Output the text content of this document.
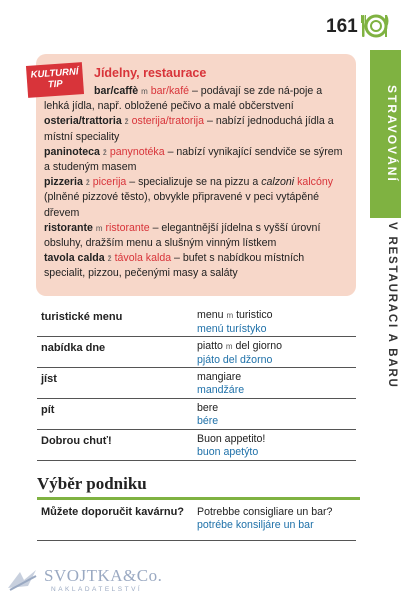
161
STRAVOVÁNÍ
V RESTAURACI A BARU
KULTURNÍ
TIP
Jídelny, restaurace

bar/caffè m bar/kafé – podávají se zde ná-poje a lehká jídla, např. obložené pečivo a malé občerstvení

osteria/trattoria ž osterija/tratorija – nabízí jednoduchá jídla a místní speciality

paninoteca ž panynotéka – nabízí vynikající sendviče se sýrem a studeným masem

pizzeria ž picerija – specializuje se na pizzu a calzoni kalcóny (plněné pizzové těsto), obvykle připravené v peci vytápěné dřevem

ristorante m ristorante – elegantnější jídelna s vyšší úrovní obsluhy, dražším menu a slušným vinným lístkem

tavola calda ž távola kalda – bufet s nabídkou místních specialit, pizzou, pečenými masy a saláty

turistické menu	menu m turistico
menú turístyko
nabídka dne	piatto m del giorno
pjáto del džorno
jíst	mangiare
mandžáre
pít	bere
bére
Dobrou chuť!	Buon appetito!
buon apetýto
Výběr podniku
Můžete doporučit kavárnu?	Potrebbe consigliare un bar?
potrébe konsiljáre un bar
SVOJTKA&Co.
NAKLADATELSTVÍ
